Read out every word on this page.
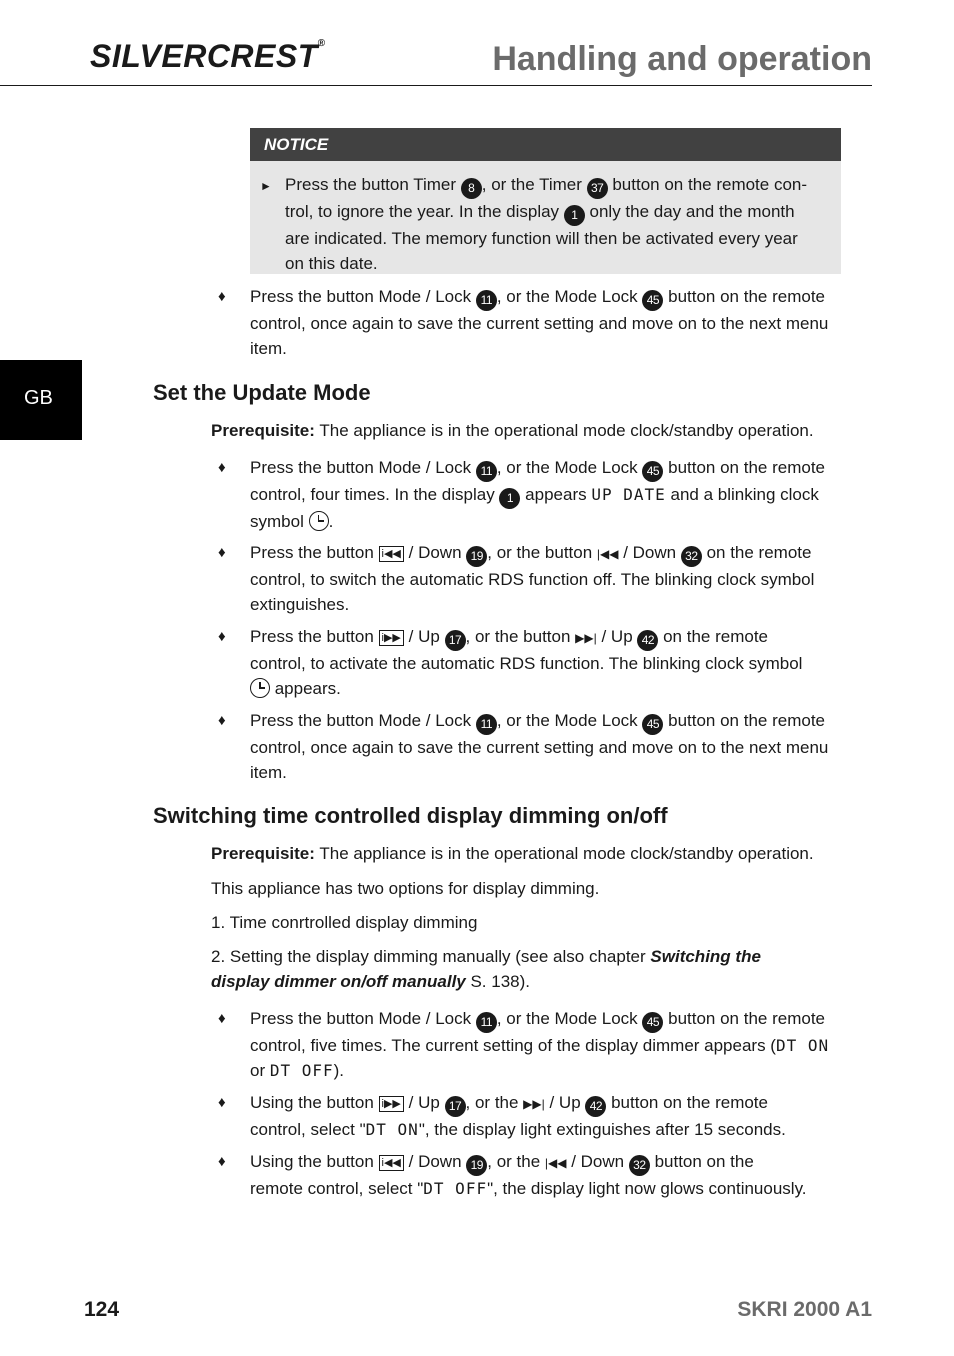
SILVERCREST®	Handling and operation
GB
NOTICE
► Press the button Timer 8 , or the Timer 37 button on the remote con-trol, to ignore the year. In the display 1 only the day and the month are indicated. The memory function will then be activated every year on this date.
♦ Press the button Mode / Lock 11 , or the Mode Lock 45 button on the remote
control, once again to save the current setting and move on to the next menu item.
Set the Update Mode
Prerequisite: The appliance is in the operational mode clock/standby operation.
♦ Press the button Mode / Lock 11 , or the Mode Lock 45 button on the remote
control, four times. In the display 1 appears UP DATE and a blinking clock
symbol .
♦ Press the button i◀◀ / Down 19 , or the button |◀◀ / Down 32 on the remote
control, to switch the automatic RDS function off. The blinking clock symbol extinguishes.
♦ Press the button i▶▶ / Up 17 , or the button ▶▶| / Up 42 on the remote
control, to activate the automatic RDS function. The blinking clock symbol
appears.
♦ Press the button Mode / Lock 11 , or the Mode Lock 45 button on the remote
control, once again to save the current setting and move on to the next menu item.
Switching time controlled display dimming on/off
Prerequisite: The appliance is in the operational mode clock/standby operation.
This appliance has two options for display dimming.
1. Time conrtrolled display dimming
2. Setting the display dimming manually (see also chapter Switching the
display dimmer on/off manually S. 138).
♦ Press the button Mode / Lock 11 , or the Mode Lock 45 button on the remote
control, five times. The current setting of the display dimmer appears (DT ON
or DT OFF).
♦ Using the button i▶▶ / Up 17 , or the ▶▶| / Up 42 button on the remote
control, select "DT ON", the display light extinguishes after 15 seconds.
♦ Using the button i◀◀ / Down 19 , or the |◀◀ / Down 32 button on the
remote control, select "DT OFF", the display light now glows continuously.
124	SKRI 2000 A1
